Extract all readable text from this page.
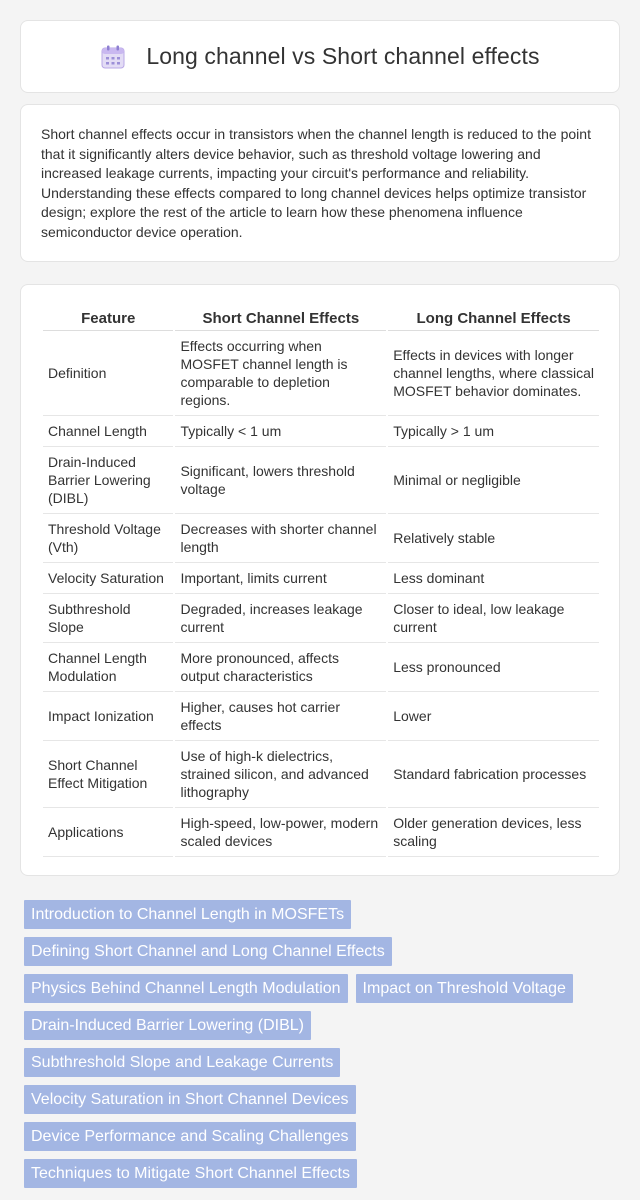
Long channel vs Short channel effects

Short channel effects occur in transistors when the channel length is reduced to the point that it significantly alters device behavior, such as threshold voltage lowering and increased leakage currents, impacting your circuit's performance and reliability. Understanding these effects compared to long channel devices helps optimize transistor design; explore the rest of the article to learn how these phenomena influence semiconductor device operation.

Feature	Short Channel Effects	Long Channel Effects
Definition	Effects occurring when MOSFET channel length is comparable to depletion regions.	Effects in devices with longer channel lengths, where classical MOSFET behavior dominates.
Channel Length	Typically < 1 um	Typically > 1 um
Drain-Induced Barrier Lowering (DIBL)	Significant, lowers threshold voltage	Minimal or negligible
Threshold Voltage (Vth)	Decreases with shorter channel length	Relatively stable
Velocity Saturation	Important, limits current	Less dominant
Subthreshold Slope	Degraded, increases leakage current	Closer to ideal, low leakage current
Channel Length Modulation	More pronounced, affects output characteristics	Less pronounced
Impact Ionization	Higher, causes hot carrier effects	Lower
Short Channel Effect Mitigation	Use of high-k dielectrics, strained silicon, and advanced lithography	Standard fabrication processes
Applications	High-speed, low-power, modern scaled devices	Older generation devices, less scaling
Introduction to Channel Length in MOSFETs
Defining Short Channel and Long Channel Effects
Physics Behind Channel Length Modulation	Impact on Threshold Voltage
Drain-Induced Barrier Lowering (DIBL)
Subthreshold Slope and Leakage Currents
Velocity Saturation in Short Channel Devices
Device Performance and Scaling Challenges
Techniques to Mitigate Short Channel Effects
